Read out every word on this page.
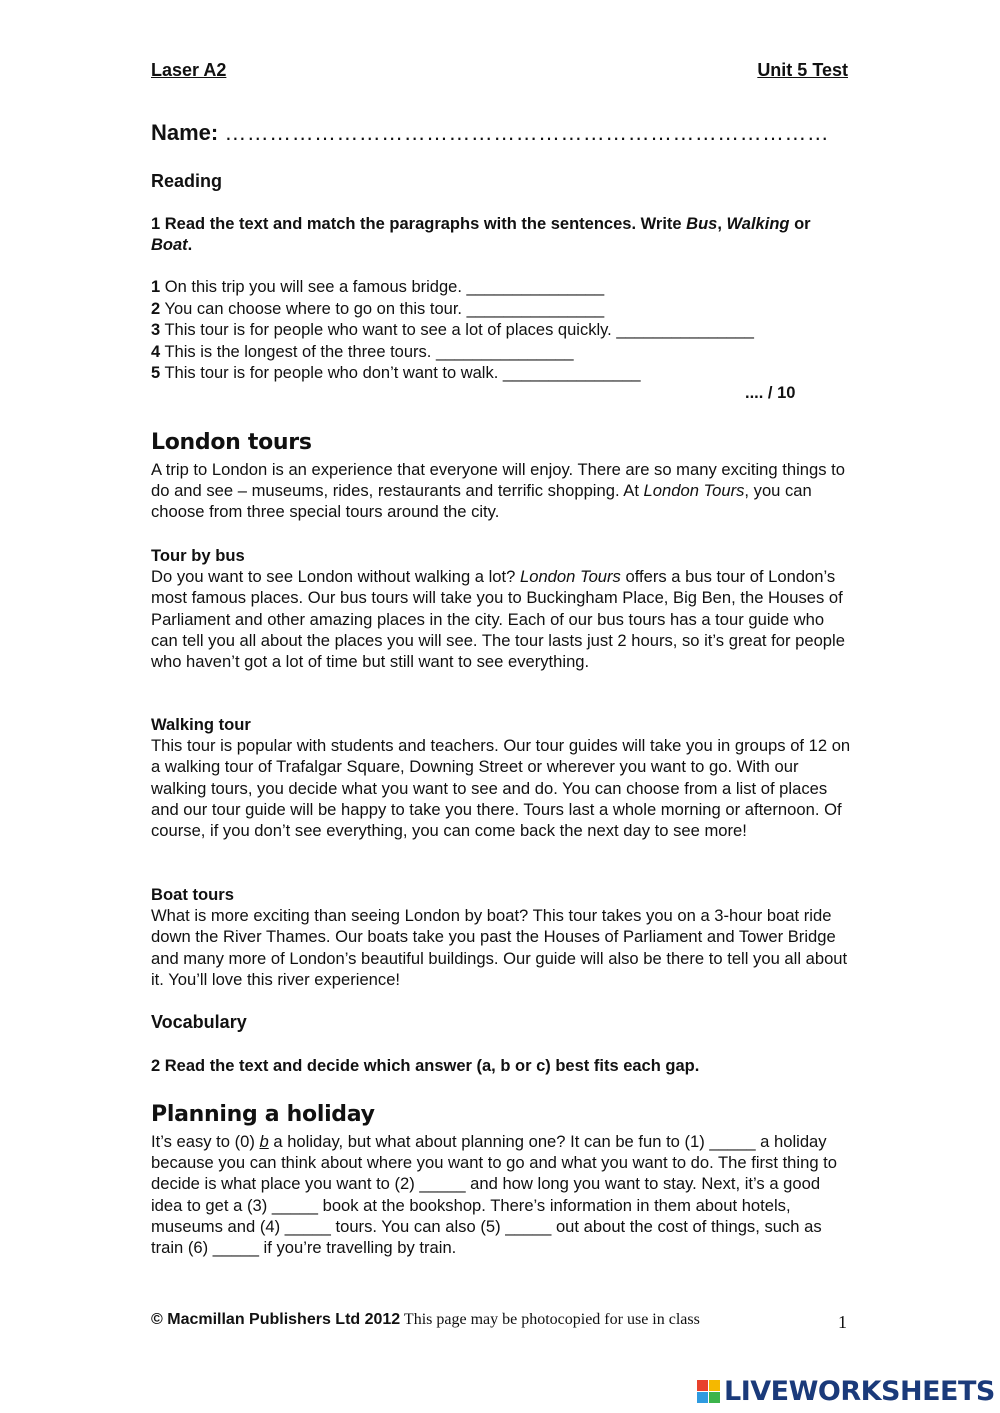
Laser A2	Unit 5 Test
Name: ………………………………………………………………………
Reading
1 Read the text and match the paragraphs with the sentences. Write Bus, Walking or Boat.
1 On this trip you will see a famous bridge. _______________
2 You can choose where to go on this tour. _______________
3 This tour is for people who want to see a lot of places quickly. _______________
4 This is the longest of the three tours. _______________
5 This tour is for people who don’t want to walk. _______________
.... / 10
London tours
A trip to London is an experience that everyone will enjoy. There are so many exciting things to do and see – museums, rides, restaurants and terrific shopping. At London Tours, you can choose from three special tours around the city.
Tour by bus
Do you want to see London without walking a lot? London Tours offers a bus tour of London’s most famous places. Our bus tours will take you to Buckingham Place, Big Ben, the Houses of Parliament and other amazing places in the city. Each of our bus tours has a tour guide who can tell you all about the places you will see. The tour lasts just 2 hours, so it’s great for people who haven’t got a lot of time but still want to see everything.
Walking tour
This tour is popular with students and teachers. Our tour guides will take you in groups of 12 on a walking tour of Trafalgar Square, Downing Street or wherever you want to go. With our walking tours, you decide what you want to see and do. You can choose from a list of places and our tour guide will be happy to take you there. Tours last a whole morning or afternoon. Of course, if you don’t see everything, you can come back the next day to see more!
Boat tours
What is more exciting than seeing London by boat? This tour takes you on a 3-hour boat ride down the River Thames. Our boats take you past the Houses of Parliament and Tower Bridge and many more of London’s beautiful buildings. Our guide will also be there to tell you all about it. You’ll love this river experience!
Vocabulary
2 Read the text and decide which answer (a, b or c) best fits each gap.
Planning a holiday
It’s easy to (0) b a holiday, but what about planning one? It can be fun to (1) _____ a holiday because you can think about where you want to go and what you want to do. The first thing to decide is what place you want to (2) _____ and how long you want to stay. Next, it’s a good idea to get a (3) _____ book at the bookshop. There’s information in them about hotels, museums and (4) _____ tours. You can also (5) _____ out about the cost of things, such as train (6) _____ if you’re travelling by train.
© Macmillan Publishers Ltd 2012 This page may be photocopied for use in class	1
LIVEWORKSHEETS
